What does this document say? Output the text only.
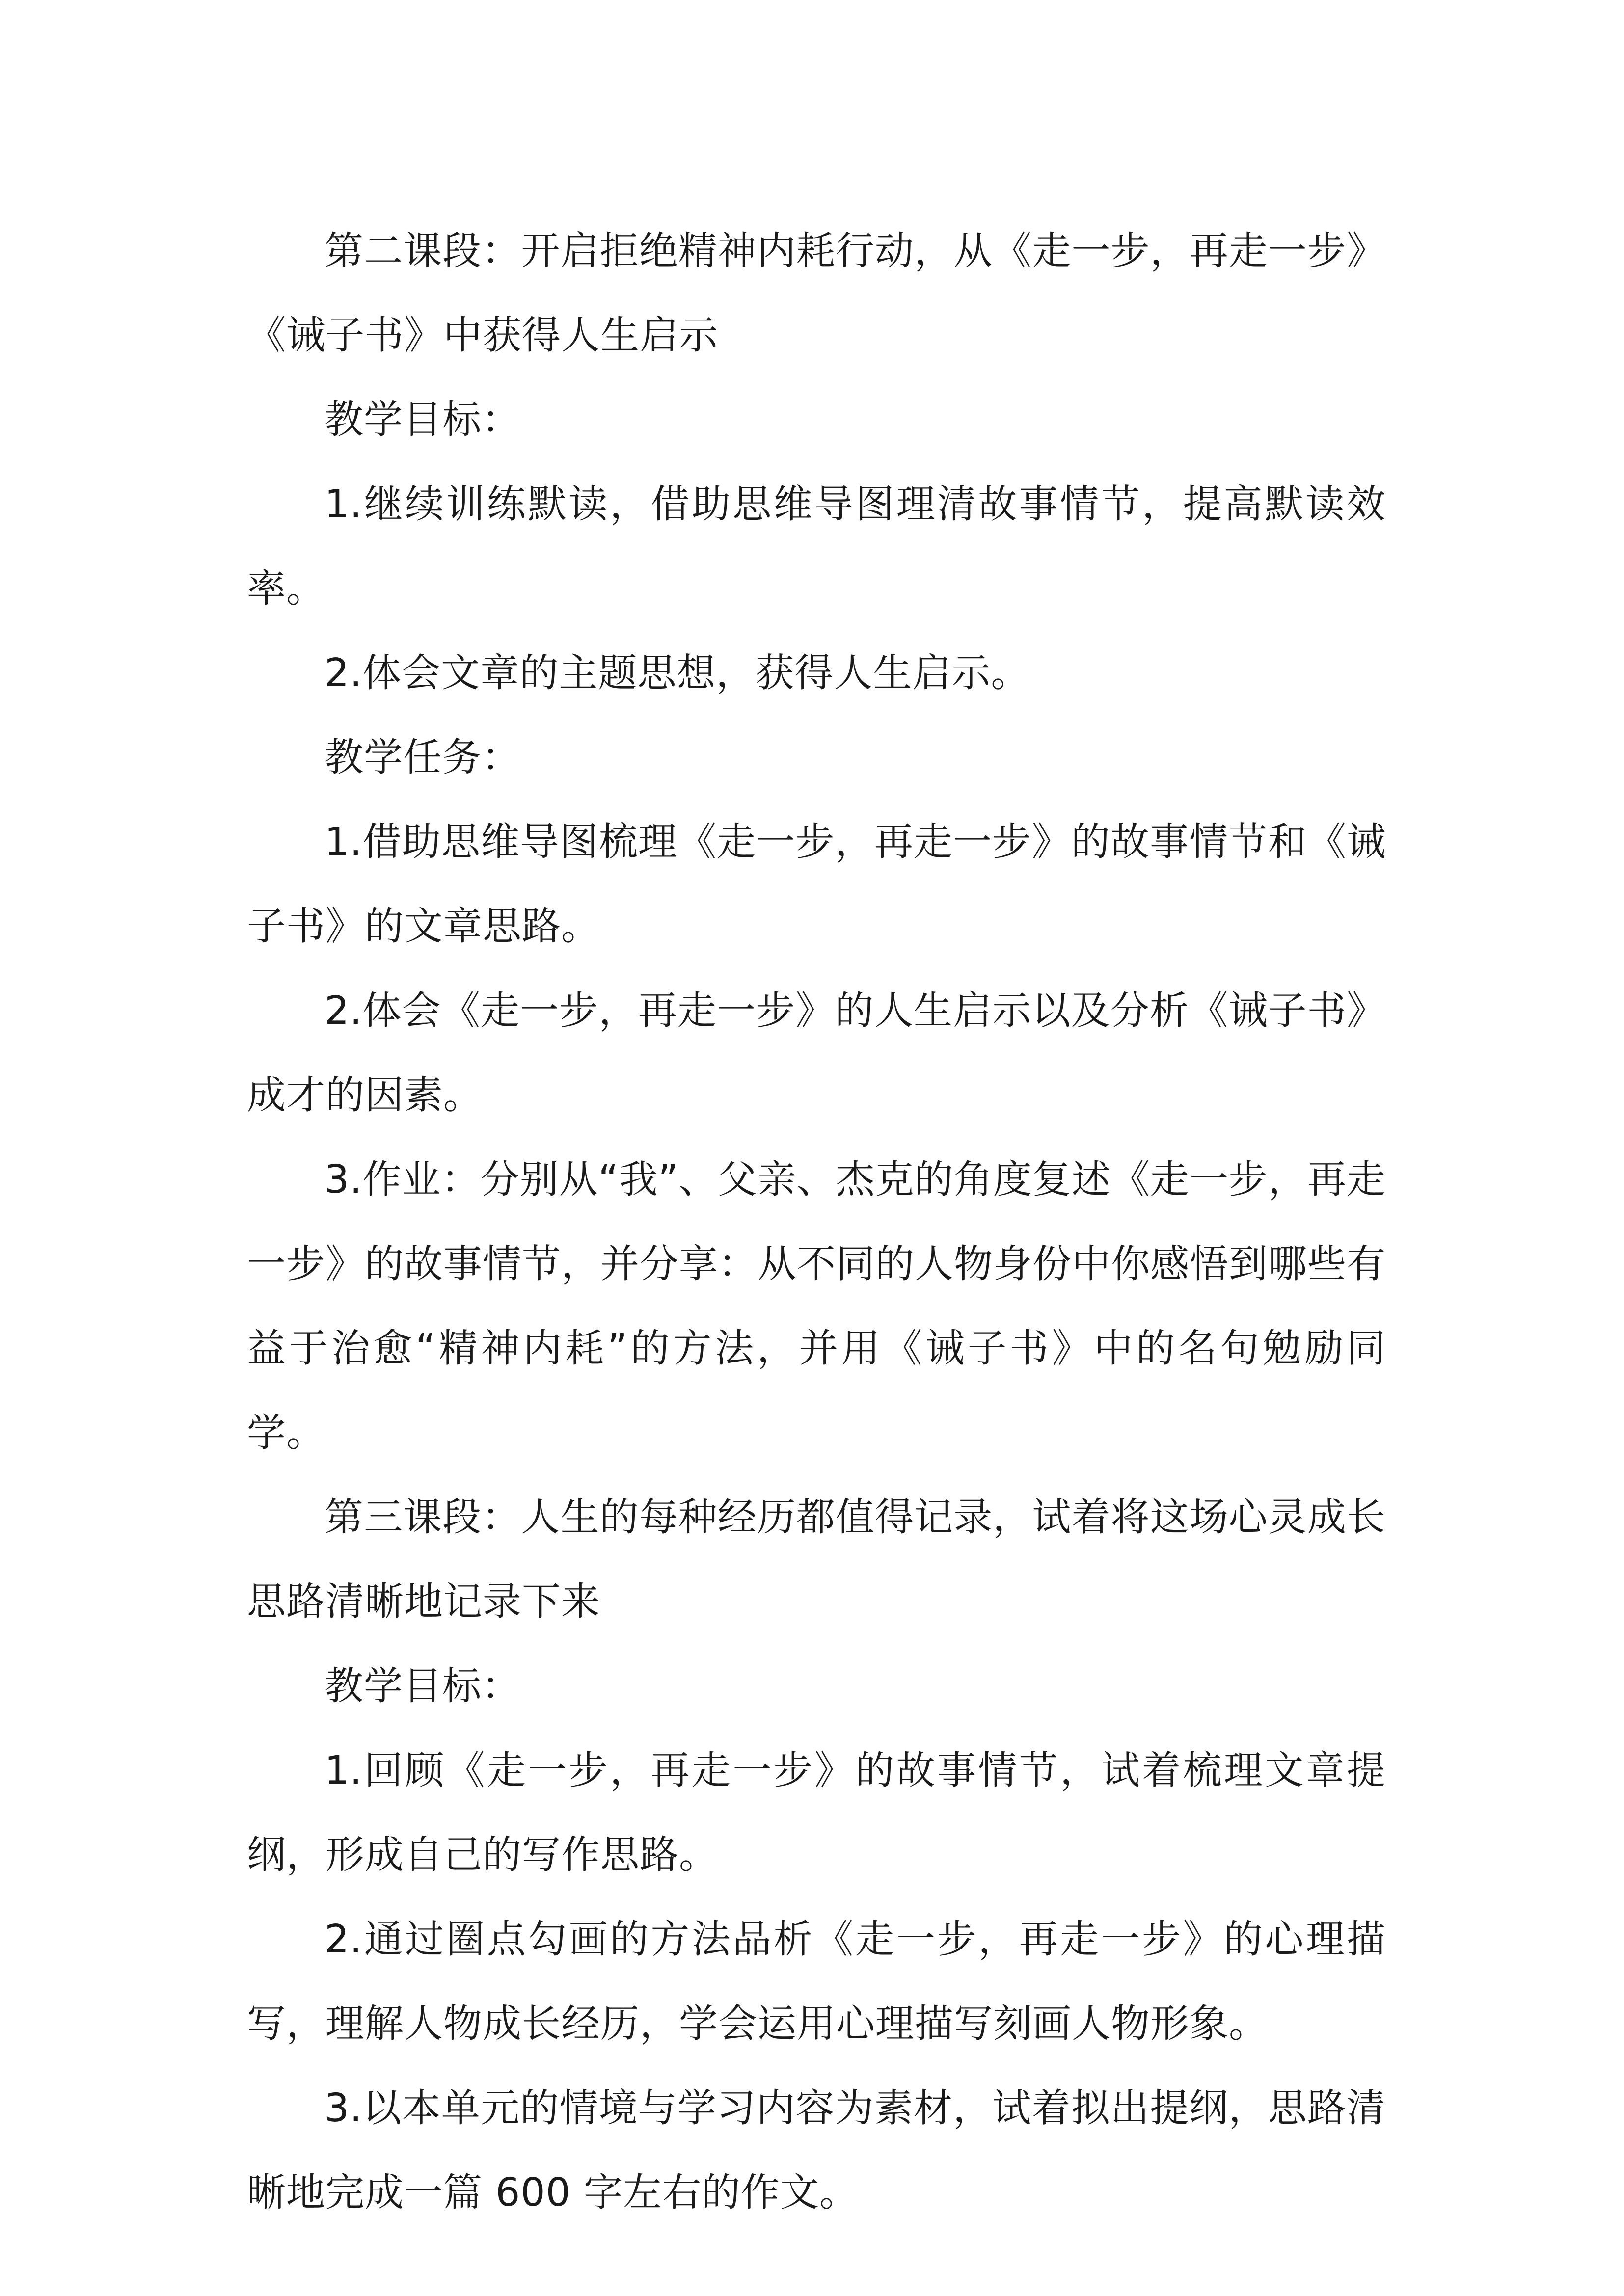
第二课段：开启拒绝精神内耗行动，从《走一步，再走一步》《诫子书》中获得人生启示

教学目标：

1.继续训练默读，借助思维导图理清故事情节，提高默读效率。

2.体会文章的主题思想，获得人生启示。

教学任务：

1.借助思维导图梳理《走一步，再走一步》的故事情节和《诫子书》的文章思路。

2.体会《走一步，再走一步》的人生启示以及分析《诫子书》成才的因素。

3.作业：分别从“我”、父亲、杰克的角度复述《走一步，再走一步》的故事情节，并分享：从不同的人物身份中你感悟到哪些有益于治愈“精神内耗”的方法，并用《诫子书》中的名句勉励同学。

第三课段：人生的每种经历都值得记录，试着将这场心灵成长思路清晰地记录下来

教学目标：

1.回顾《走一步，再走一步》的故事情节，试着梳理文章提纲，形成自己的写作思路。

2.通过圈点勾画的方法品析《走一步，再走一步》的心理描写，理解人物成长经历，学会运用心理描写刻画人物形象。

3.以本单元的情境与学习内容为素材，试着拟出提纲，思路清晰地完成一篇 600 字左右的作文。
